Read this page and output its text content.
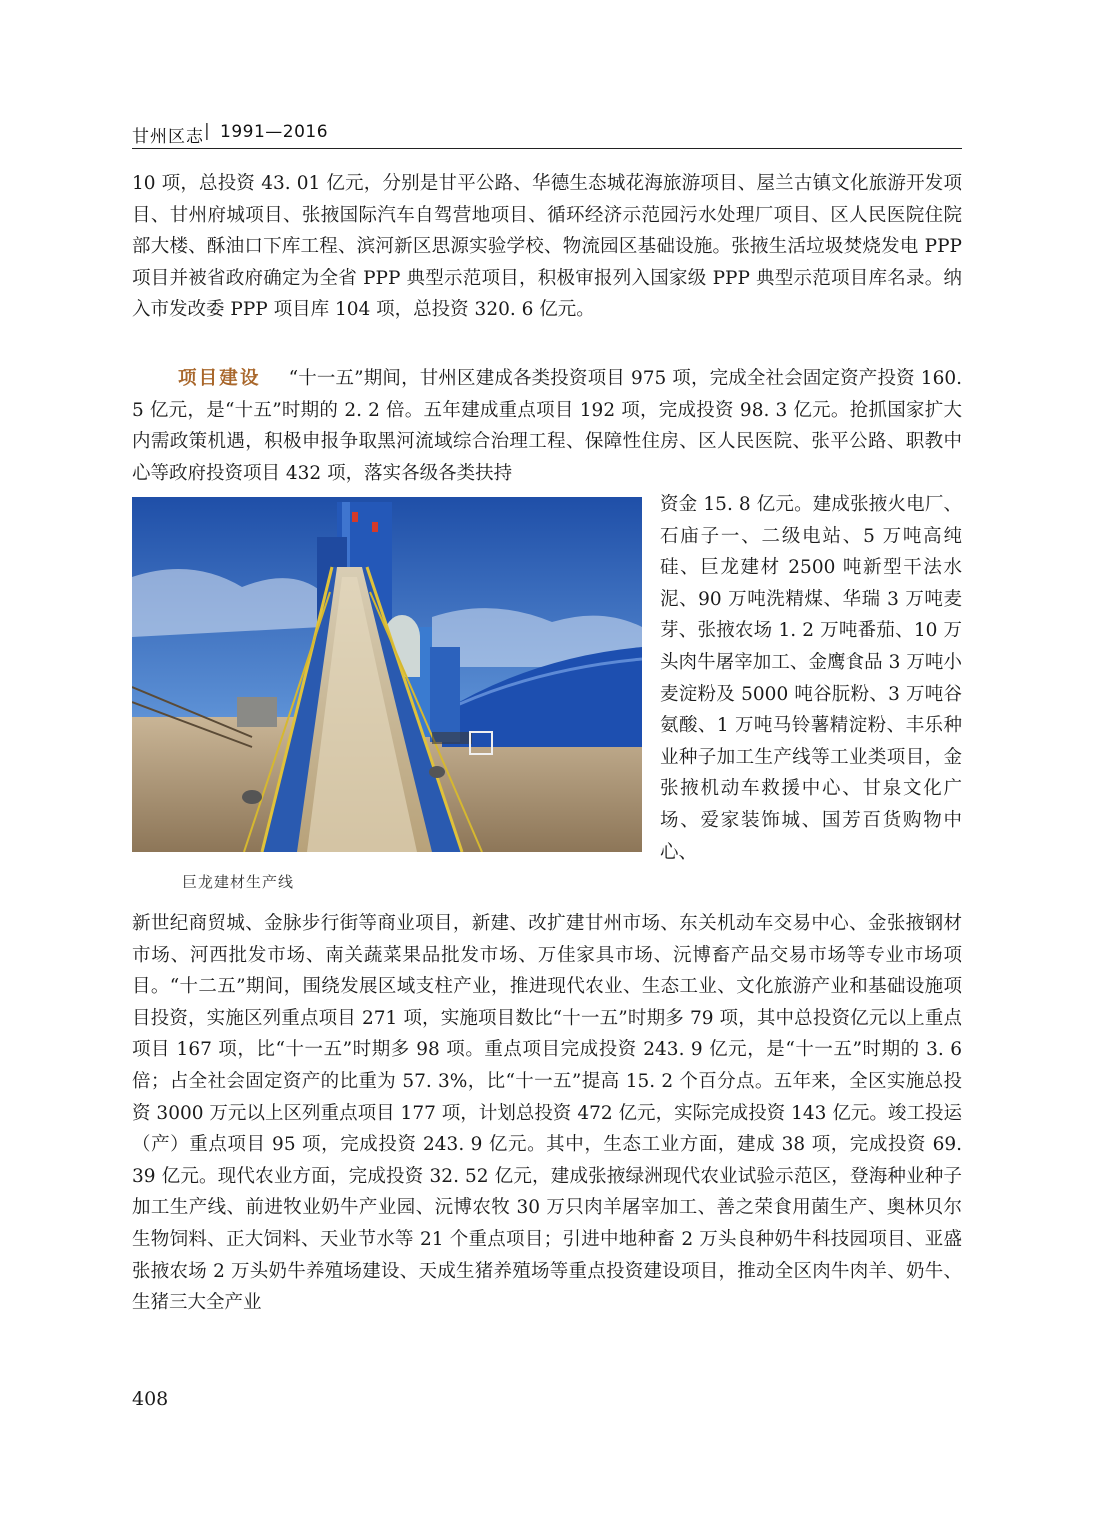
甘州区志 | 1991—2016
10 项，总投资 43. 01 亿元，分别是甘平公路、华德生态城花海旅游项目、屋兰古镇文化旅游开发项目、甘州府城项目、张掖国际汽车自驾营地项目、循环经济示范园污水处理厂项目、区人民医院住院部大楼、酥油口下库工程、滨河新区思源实验学校、物流园区基础设施。张掖生活垃圾焚烧发电 PPP 项目并被省政府确定为全省 PPP 典型示范项目，积极审报列入国家级 PPP 典型示范项目库名录。纳入市发改委 PPP 项目库 104 项，总投资 320. 6 亿元。
项目建设 “十一五”期间，甘州区建成各类投资项目 975 项，完成全社会固定资产投资 160. 5 亿元，是“十五”时期的 2. 2 倍。五年建成重点项目 192 项，完成投资 98. 3 亿元。抢抓国家扩大内需政策机遇，积极申报争取黑河流域综合治理工程、保障性住房、区人民医院、张平公路、职教中心等政府投资项目 432 项，落实各级各类扶持
巨龙建材生产线
资金 15. 8 亿元。建成张掖火电厂、石庙子一、二级电站、5 万吨高纯硅、巨龙建材 2500 吨新型干法水泥、90 万吨洗精煤、华瑞 3 万吨麦芽、张掖农场 1. 2 万吨番茄、10 万头肉牛屠宰加工、金鹰食品 3 万吨小麦淀粉及 5000 吨谷朊粉、3 万吨谷氨酸、1 万吨马铃薯精淀粉、丰乐种业种子加工生产线等工业类项目，金张掖机动车救援中心、甘泉文化广场、爱家装饰城、国芳百货购物中心、
新世纪商贸城、金脉步行街等商业项目，新建、改扩建甘州市场、东关机动车交易中心、金张掖钢材市场、河西批发市场、南关蔬菜果品批发市场、万佳家具市场、沅博畜产品交易市场等专业市场项目。“十二五”期间，围绕发展区域支柱产业，推进现代农业、生态工业、文化旅游产业和基础设施项目投资，实施区列重点项目 271 项，实施项目数比“十一五”时期多 79 项，其中总投资亿元以上重点项目 167 项，比“十一五”时期多 98 项。重点项目完成投资 243. 9 亿元，是“十一五”时期的 3. 6 倍；占全社会固定资产的比重为 57. 3%，比“十一五”提高 15. 2 个百分点。五年来，全区实施总投资 3000 万元以上区列重点项目 177 项，计划总投资 472 亿元，实际完成投资 143 亿元。竣工投运（产）重点项目 95 项，完成投资 243. 9 亿元。其中，生态工业方面，建成 38 项，完成投资 69. 39 亿元。现代农业方面，完成投资 32. 52 亿元，建成张掖绿洲现代农业试验示范区，登海种业种子加工生产线、前进牧业奶牛产业园、沅博农牧 30 万只肉羊屠宰加工、善之荣食用菌生产、奥林贝尔生物饲料、正大饲料、天业节水等 21 个重点项目；引进中地种畜 2 万头良种奶牛科技园项目、亚盛张掖农场 2 万头奶牛养殖场建设、天成生猪养殖场等重点投资建设项目，推动全区肉牛肉羊、奶牛、生猪三大全产业
408
